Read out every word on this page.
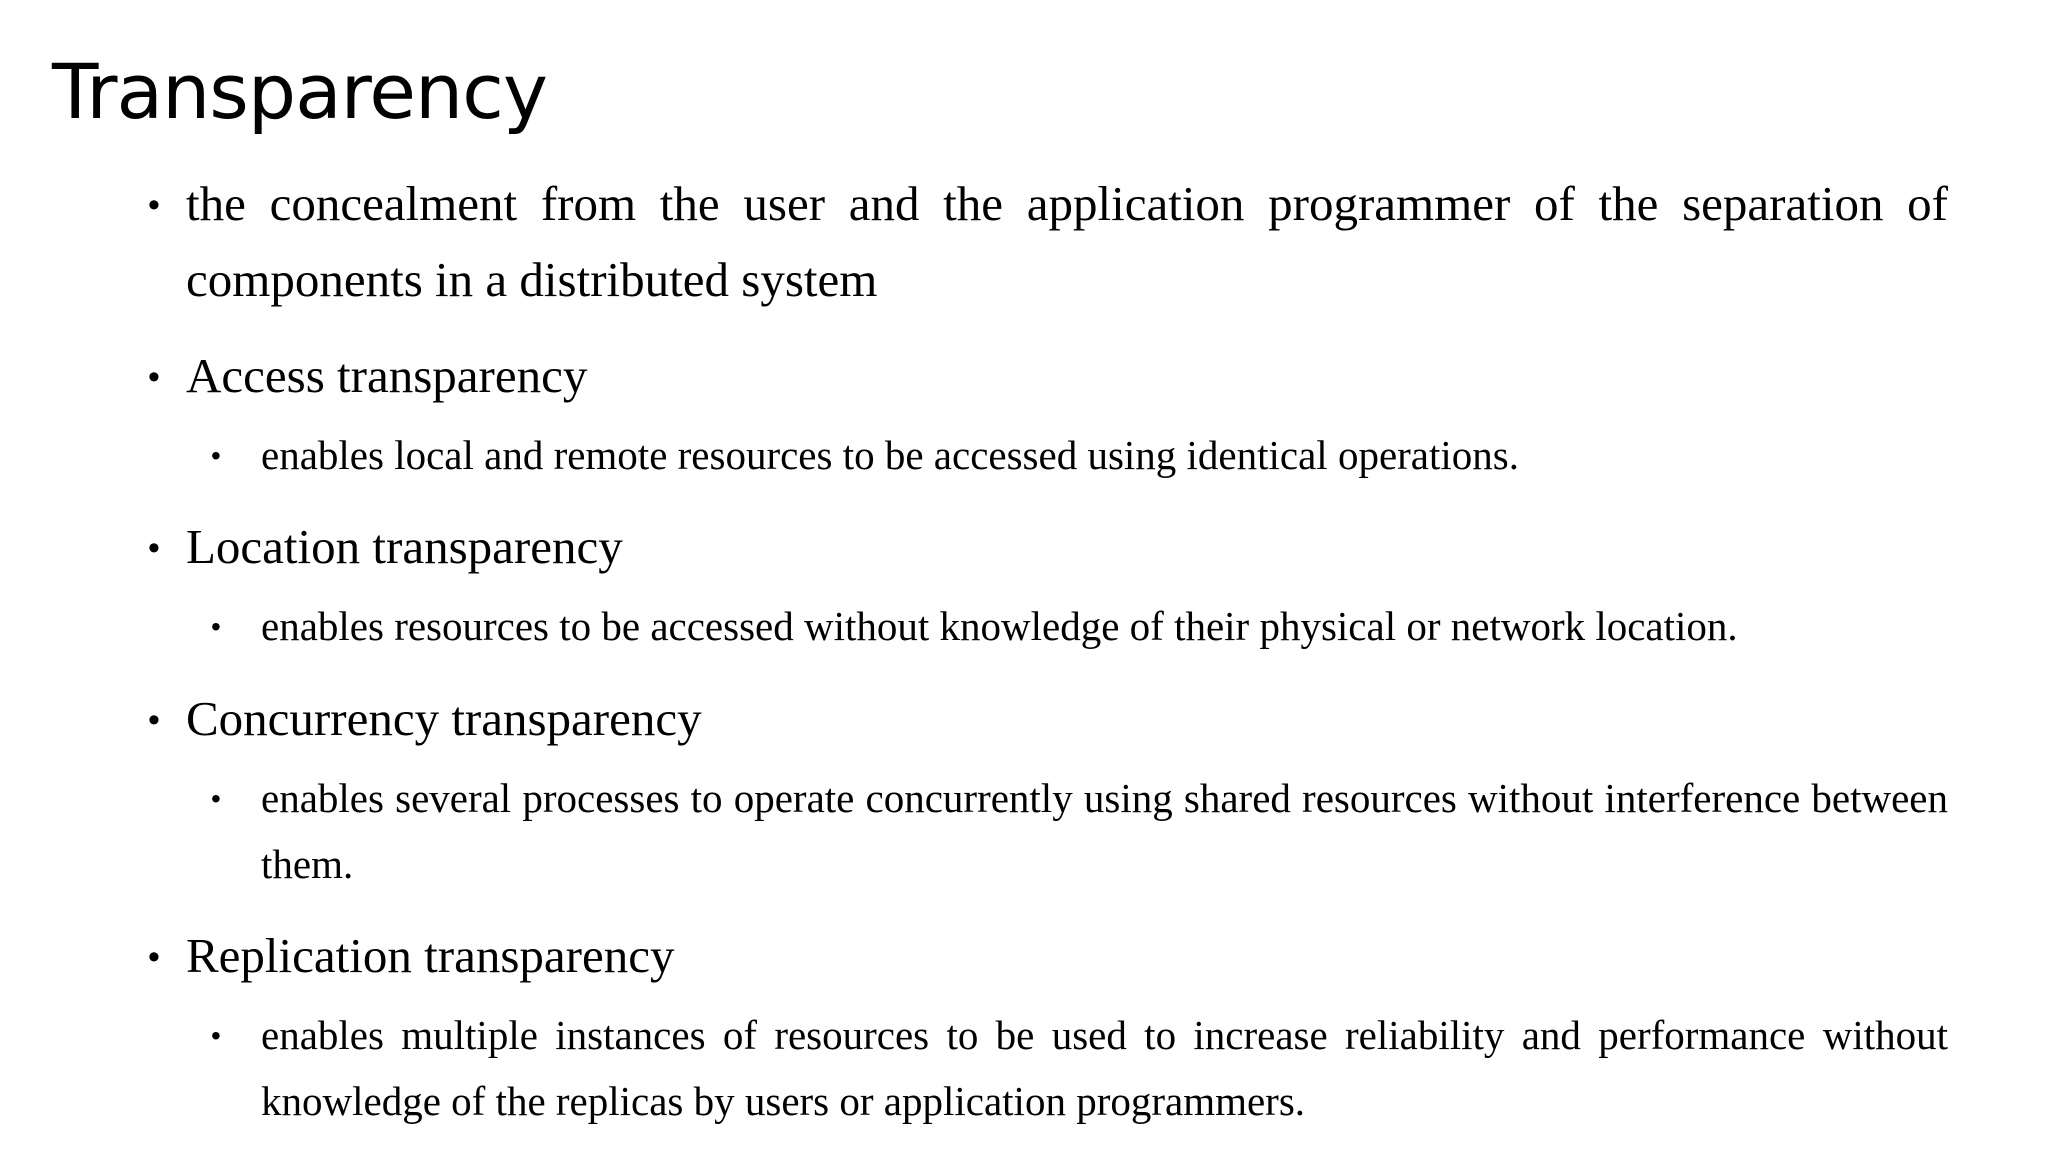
Transparency
• the concealment from the user and the application programmer of the separation of components in a distributed system
• Access transparency
• enables local and remote resources to be accessed using identical operations.
• Location transparency
• enables resources to be accessed without knowledge of their physical or network location.
• Concurrency transparency
• enables several processes to operate concurrently using shared resources without interference between them.
• Replication transparency
• enables multiple instances of resources to be used to increase reliability and performance without knowledge of the replicas by users or application programmers.
